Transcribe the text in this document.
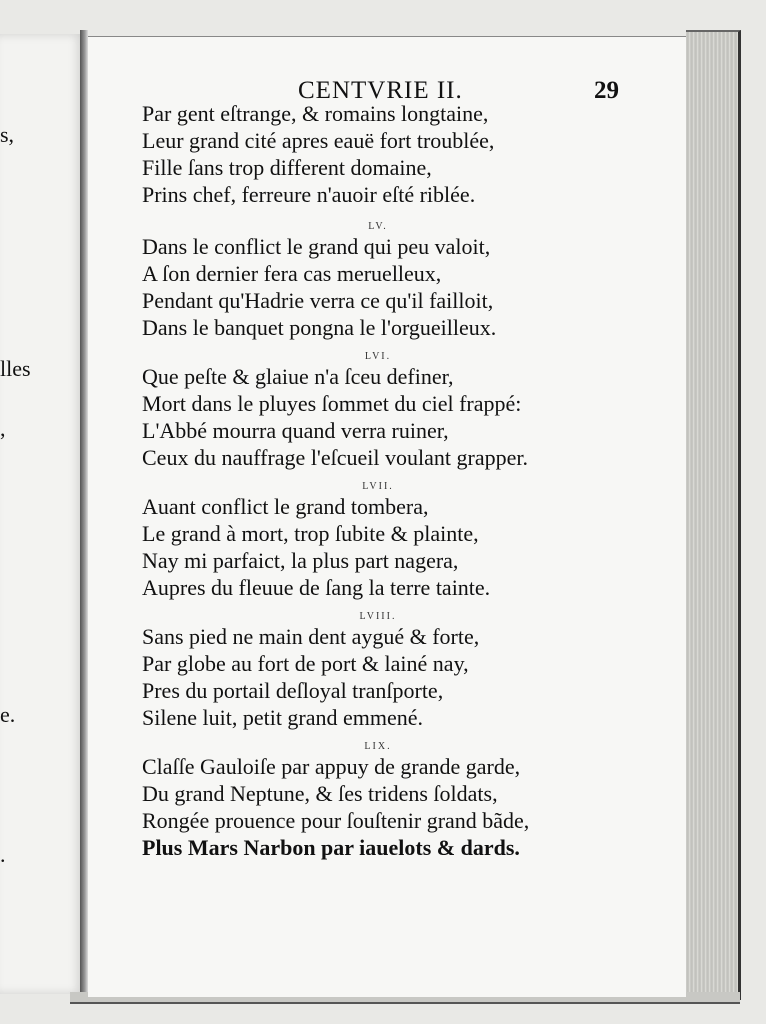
s,
lles
,
e.
.
CENTVRIE II.	29
Par gent eſtrange, & romains longtaine,
Leur grand cité apres eauë fort troublée,
Fille ſans trop different domaine,
Prins chef, ferreure n'auoir eſté riblée.
LV.
Dans le conflict le grand qui peu valoit,
A ſon dernier fera cas meruelleux,
Pendant qu'Hadrie verra ce qu'il failloit,
Dans le banquet pongna le l'orgueilleux.
LVI.
Que peſte & glaiue n'a ſceu definer,
Mort dans le pluyes ſommet du ciel frappé:
L'Abbé mourra quand verra ruiner,
Ceux du nauffrage l'eſcueil voulant grapper.
LVII.
Auant conflict le grand tombera,
Le grand à mort, trop ſubite & plainte,
Nay mi parfaict, la plus part nagera,
Aupres du fleuue de ſang la terre tainte.
LVIII.
Sans pied ne main dent aygué & forte,
Par globe au fort de port & lainé nay,
Pres du portail deſloyal tranſporte,
Silene luit, petit grand emmené.
LIX.
Claſſe Gauloiſe par appuy de grande garde,
Du grand Neptune, & ſes tridens ſoldats,
Rongée prouence pour ſouſtenir grand bãde,
Plus Mars Narbon par iauelots & dards.
